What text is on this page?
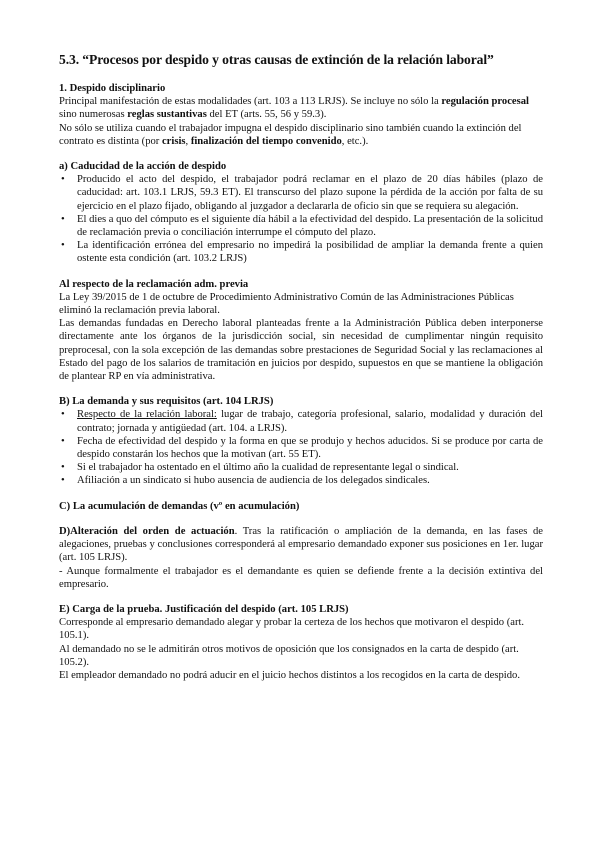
5.3. “Procesos por despido y otras causas de extinción de la relación laboral”
1. Despido disciplinario

Principal manifestación de estas modalidades (art. 103 a 113 LRJS). Se incluye no sólo la regulación procesal sino numerosas reglas sustantivas del ET (arts. 55, 56 y 59.3).

No sólo se utiliza cuando el trabajador impugna el despido disciplinario sino también cuando la extinción del contrato es distinta (por crisis, finalización del tiempo convenido, etc.).

a) Caducidad de la acción de despido
• Producido el acto del despido, el trabajador podrá reclamar en el plazo de 20 días hábiles (plazo de caducidad: art. 103.1 LRJS, 59.3 ET). El transcurso del plazo supone la pérdida de la acción por falta de su ejercicio en el plazo fijado, obligando al juzgador a declararla de oficio sin que se requiera su alegación.
• El dies a quo del cómputo es el siguiente día hábil a la efectividad del despido. La presentación de la solicitud de reclamación previa o conciliación interrumpe el cómputo del plazo.
• La identificación errónea del empresario no impedirá la posibilidad de ampliar la demanda frente a quien ostente esta condición (art. 103.2 LRJS)
Al respecto de la reclamación adm. previa

La Ley 39/2015 de 1 de octubre de Procedimiento Administrativo Común de las Administraciones Públicas eliminó la reclamación previa laboral.

Las demandas fundadas en Derecho laboral planteadas frente a la Administración Pública deben interponerse directamente ante los órganos de la jurisdicción social, sin necesidad de cumplimentar ningún requisito preprocesal, con la sola excepción de las demandas sobre prestaciones de Seguridad Social y las reclamaciones al Estado del pago de los salarios de tramitación en juicios por despido, supuestos en que se mantiene la obligación de plantear RP en vía administrativa.

B) La demanda y sus requisitos (art. 104 LRJS)
• Respecto de la relación laboral: lugar de trabajo, categoría profesional, salario, modalidad y duración del contrato; jornada y antigüedad (art. 104. a LRJS).
• Fecha de efectividad del despido y la forma en que se produjo y hechos aducidos. Si se produce por carta de despido constarán los hechos que la motivan (art. 55 ET).
• Si el trabajador ha ostentado en el último año la cualidad de representante legal o sindical.
• Afiliación a un sindicato si hubo ausencia de audiencia de los delegados sindicales.
C) La acumulación de demandas (vº en acumulación)

D)Alteración del orden de actuación. Tras la ratificación o ampliación de la demanda, en las fases de alegaciones, pruebas y conclusiones corresponderá al empresario demandado exponer sus posiciones en 1er. lugar (art. 105 LRJS).

- Aunque formalmente el trabajador es el demandante es quien se defiende frente a la decisión extintiva del empresario.

E) Carga de la prueba. Justificación del despido (art. 105 LRJS)

Corresponde al empresario demandado alegar y probar la certeza de los hechos que motivaron el despido (art. 105.1).

Al demandado no se le admitirán otros motivos de oposición que los consignados en la carta de despido (art. 105.2).

El empleador demandado no podrá aducir en el juicio hechos distintos a los recogidos en la carta de despido.
